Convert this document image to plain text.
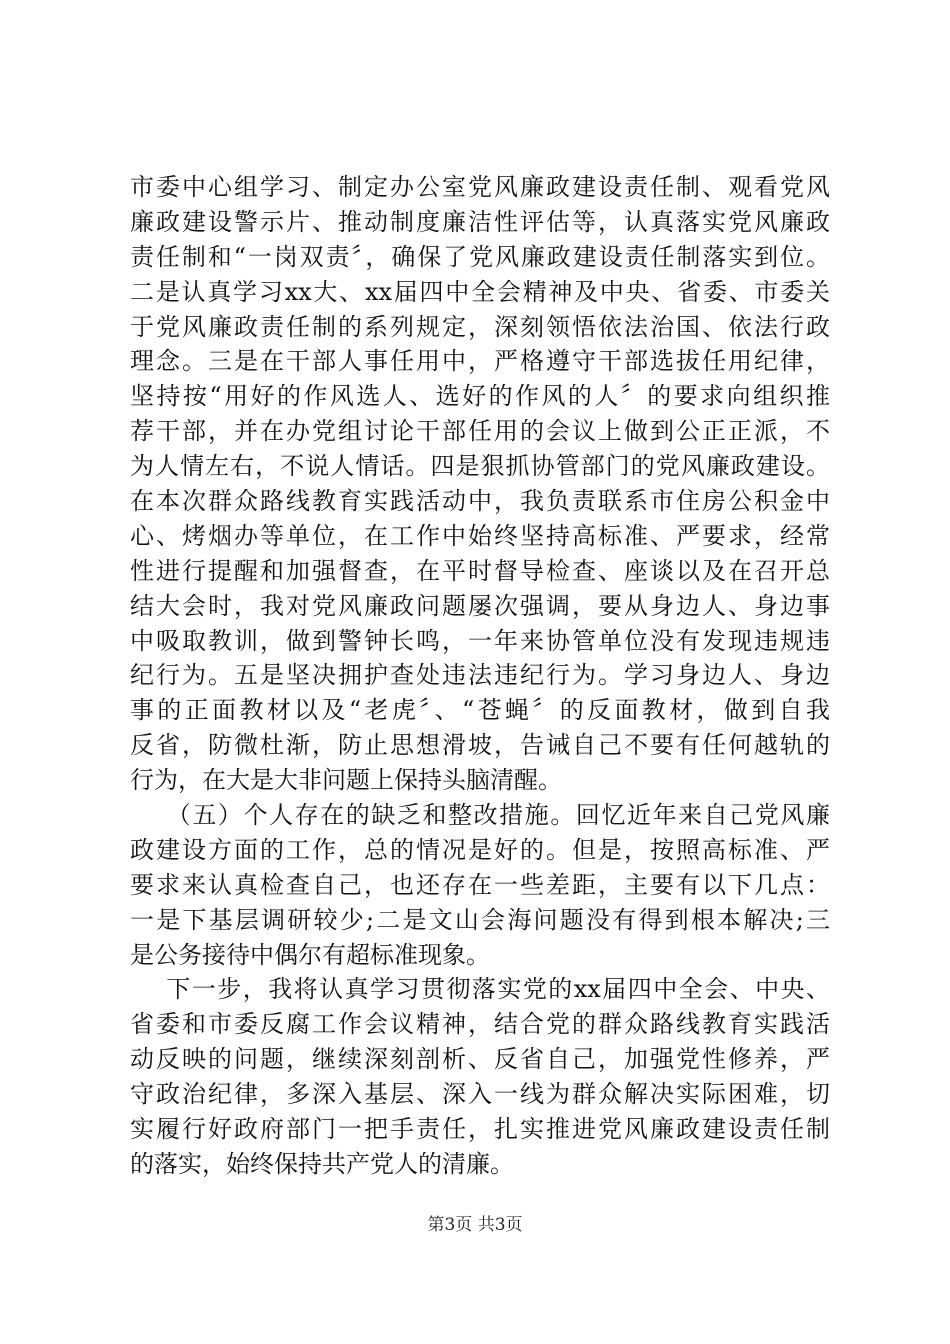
市委中心组学习、制定办公室党风廉政建设责任制、观看党风
廉政建设警示片、推动制度廉洁性评估等，认真落实党风廉政
责任制和“一岗双责〞，确保了党风廉政建设责任制落实到位。
二是认真学习xx大、xx届四中全会精神及中央、省委、市委关
于党风廉政责任制的系列规定，深刻领悟依法治国、依法行政
理念。三是在干部人事任用中，严格遵守干部选拔任用纪律，
坚持按“用好的作风选人、选好的作风的人〞的要求向组织推
荐干部，并在办党组讨论干部任用的会议上做到公正正派，不
为人情左右，不说人情话。四是狠抓协管部门的党风廉政建设。
在本次群众路线教育实践活动中，我负责联系市住房公积金中
心、烤烟办等单位，在工作中始终坚持高标准、严要求，经常
性进行提醒和加强督查，在平时督导检查、座谈以及在召开总
结大会时，我对党风廉政问题屡次强调，要从身边人、身边事
中吸取教训，做到警钟长鸣，一年来协管单位没有发现违规违
纪行为。五是坚决拥护查处违法违纪行为。学习身边人、身边
事的正面教材以及“老虎〞、“苍蝇〞的反面教材，做到自我
反省，防微杜渐，防止思想滑坡，告诫自己不要有任何越轨的
行为，在大是大非问题上保持头脑清醒。
（五）个人存在的缺乏和整改措施。回忆近年来自己党风廉
政建设方面的工作，总的情况是好的。但是，按照高标准、严
要求来认真检查自己，也还存在一些差距，主要有以下几点：
一是下基层调研较少;二是文山会海问题没有得到根本解决;三
是公务接待中偶尔有超标准现象。
下一步，我将认真学习贯彻落实党的xx届四中全会、中央、
省委和市委反腐工作会议精神，结合党的群众路线教育实践活
动反映的问题，继续深刻剖析、反省自己，加强党性修养，严
守政治纪律，多深入基层、深入一线为群众解决实际困难，切
实履行好政府部门一把手责任，扎实推进党风廉政建设责任制
的落实，始终保持共产党人的清廉。
第3页 共3页
